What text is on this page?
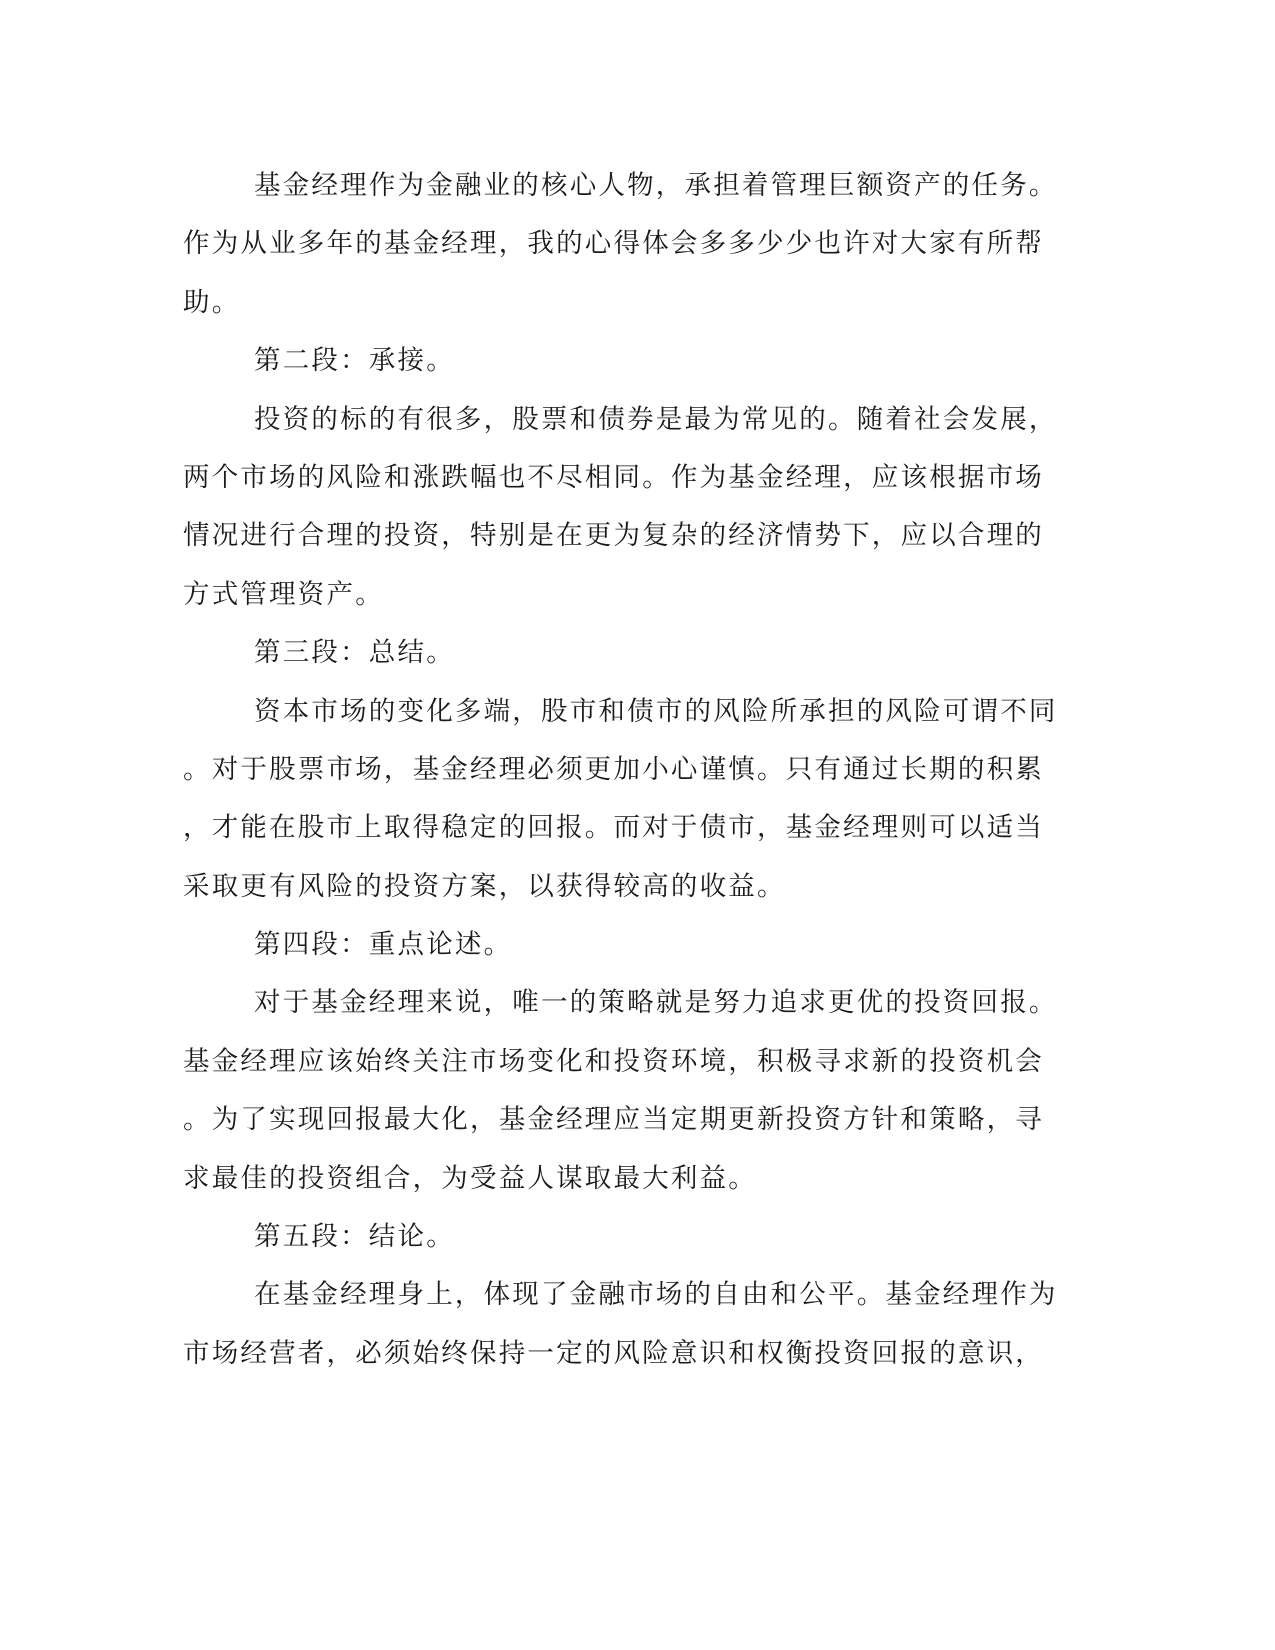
基金经理作为金融业的核心人物，承担着管理巨额资产的任务。
作为从业多年的基金经理，我的心得体会多多少少也许对大家有所帮
助。
第二段：承接。
投资的标的有很多，股票和债券是最为常见的。随着社会发展，
两个市场的风险和涨跌幅也不尽相同。作为基金经理，应该根据市场
情况进行合理的投资，特别是在更为复杂的经济情势下，应以合理的
方式管理资产。
第三段：总结。
资本市场的变化多端，股市和债市的风险所承担的风险可谓不同
。对于股票市场，基金经理必须更加小心谨慎。只有通过长期的积累
，才能在股市上取得稳定的回报。而对于债市，基金经理则可以适当
采取更有风险的投资方案，以获得较高的收益。
第四段：重点论述。
对于基金经理来说，唯一的策略就是努力追求更优的投资回报。
基金经理应该始终关注市场变化和投资环境，积极寻求新的投资机会
。为了实现回报最大化，基金经理应当定期更新投资方针和策略，寻
求最佳的投资组合，为受益人谋取最大利益。
第五段：结论。
在基金经理身上，体现了金融市场的自由和公平。基金经理作为
市场经营者，必须始终保持一定的风险意识和权衡投资回报的意识，
